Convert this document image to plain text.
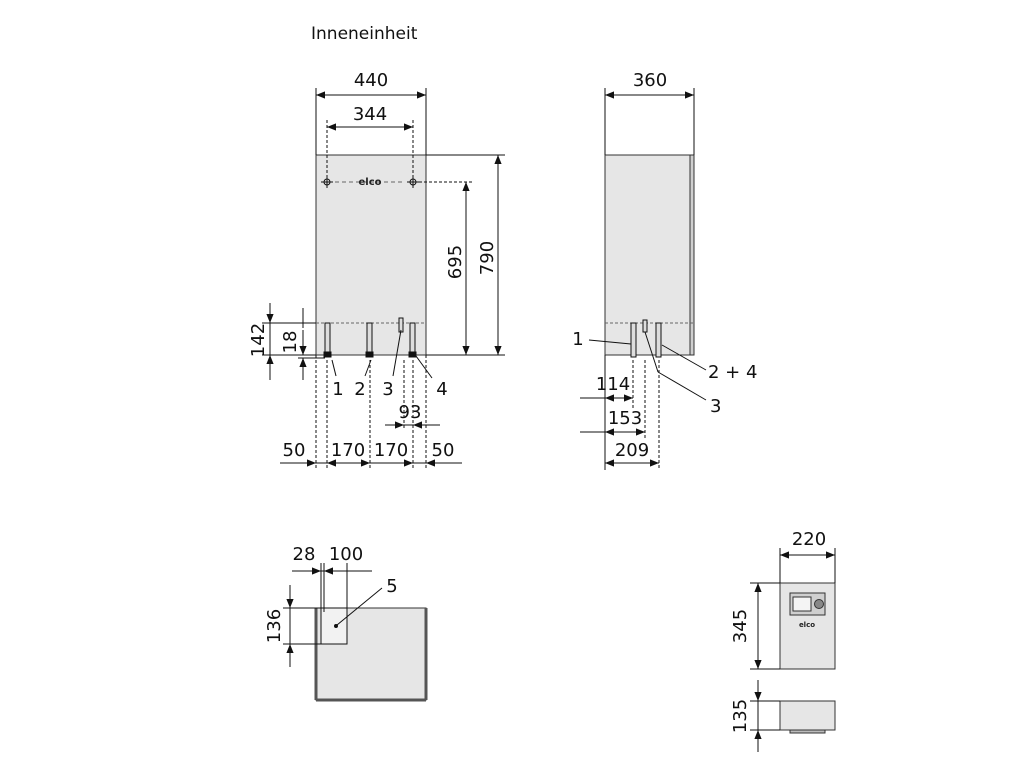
Inneneinheit
elco
440
344
695 790
142 18
1 2 3 4
93
50 170 170 50
360
1
2 + 4
3
114
153
209
28 100
136
5
elco
220
345
135
